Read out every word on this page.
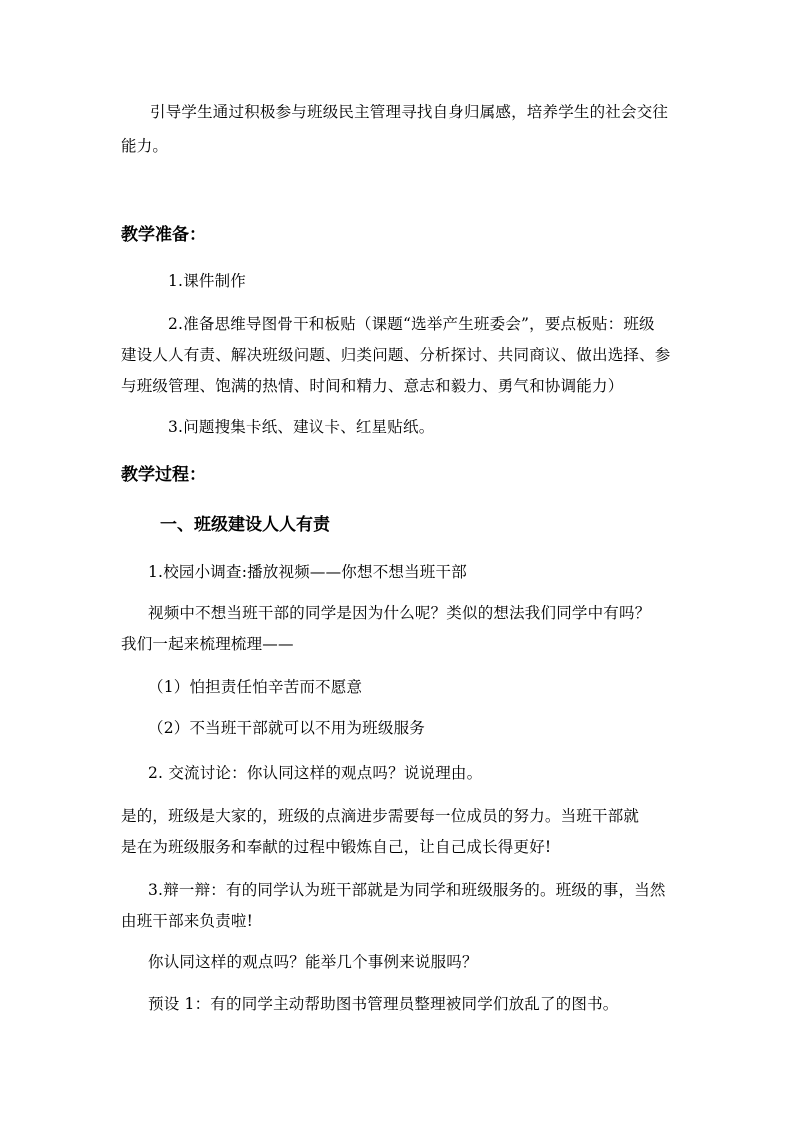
引导学生通过积极参与班级民主管理寻找自身归属感，培养学生的社会交往
能力。
教学准备：
1.课件制作
2.准备思维导图骨干和板贴（课题“选举产生班委会”，要点板贴：班级
建设人人有责、解决班级问题、归类问题、分析探讨、共同商议、做出选择、参
与班级管理、饱满的热情、时间和精力、意志和毅力、勇气和协调能力）
3.问题搜集卡纸、建议卡、红星贴纸。
教学过程：
一、班级建设人人有责
1.校园小调查:播放视频——你想不想当班干部
视频中不想当班干部的同学是因为什么呢？类似的想法我们同学中有吗？
我们一起来梳理梳理——
（1）怕担责任怕辛苦而不愿意
（2）不当班干部就可以不用为班级服务
2. 交流讨论：你认同这样的观点吗？说说理由。
是的，班级是大家的，班级的点滴进步需要每一位成员的努力。当班干部就
是在为班级服务和奉献的过程中锻炼自己，让自己成长得更好!
3.辩一辩：有的同学认为班干部就是为同学和班级服务的。班级的事，当然
由班干部来负责啦!
你认同这样的观点吗？能举几个事例来说服吗？
预设 1：有的同学主动帮助图书管理员整理被同学们放乱了的图书。
